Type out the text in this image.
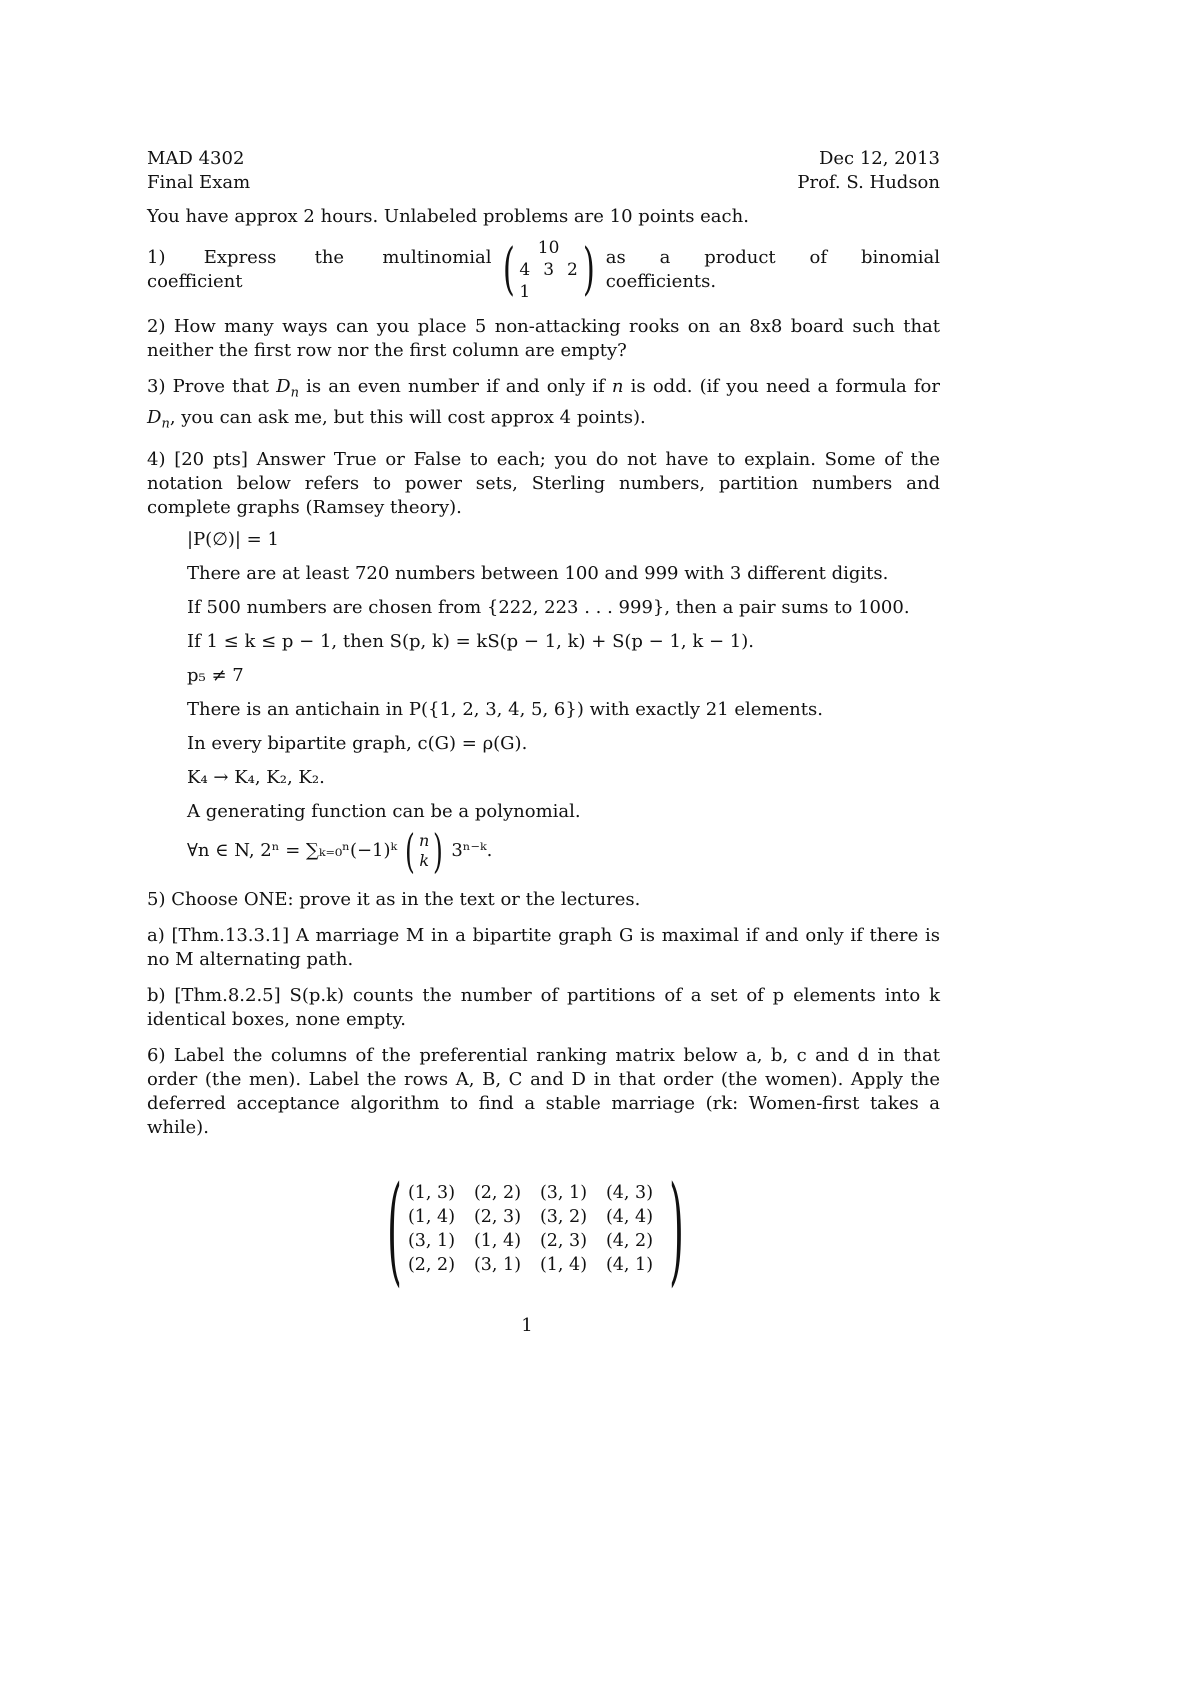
MAD 4302
Final Exam
Dec 12, 2013
Prof. S. Hudson

You have approx 2 hours. Unlabeled problems are 10 points each.

1) Express the multinomial coefficient	( 10
4 3 2 1 ) as a product of binomial coefficients.

2) How many ways can you place 5 non-attacking rooks on an 8x8 board such that neither the first row nor the first column are empty?

3) Prove that $D_n$ is an even number if and only if n is odd. (if you need a formula for $D_n$, you can ask me, but this will cost approx 4 points).

4) [20 pts] Answer True or False to each; you do not have to explain. Some of the notation below refers to power sets, Sterling numbers, partition numbers and complete graphs (Ramsey theory).

|P(∅)| = 1
There are at least 720 numbers between 100 and 999 with 3 different digits.
If 500 numbers are chosen from {222, 223 . . . 999}, then a pair sums to 1000.
If 1 ≤ k ≤ p − 1, then S(p, k) = kS(p − 1, k) + S(p − 1, k − 1).
p₅ ≠ 7
There is an antichain in P({1, 2, 3, 4, 5, 6}) with exactly 21 elements.
In every bipartite graph, c(G) = ρ(G).
K₄ → K₄, K₂, K₂.
A generating function can be a polynomial.
∀n ∈ N, 2ⁿ = ∑ₖ₌₀ⁿ(−1)ᵏ ( n
k ) 3ⁿ⁻ᵏ.

5) Choose ONE: prove it as in the text or the lectures.

a) [Thm.13.3.1] A marriage M in a bipartite graph G is maximal if and only if there is no M alternating path.

b) [Thm.8.2.5] S(p.k) counts the number of partitions of a set of p elements into k identical boxes, none empty.

6) Label the columns of the preferential ranking matrix below a, b, c and d in that order (the men). Label the rows A, B, C and D in that order (the women). Apply the deferred acceptance algorithm to find a stable marriage (rk: Women-first takes a while).

( (1, 3)	(2, 2)	(3, 1)	(4, 3)
(1, 4)	(2, 3)	(3, 2)	(4, 4)
(3, 1)	(1, 4)	(2, 3)	(4, 2)
(2, 2)	(3, 1)	(1, 4)	(4, 1) )
1
